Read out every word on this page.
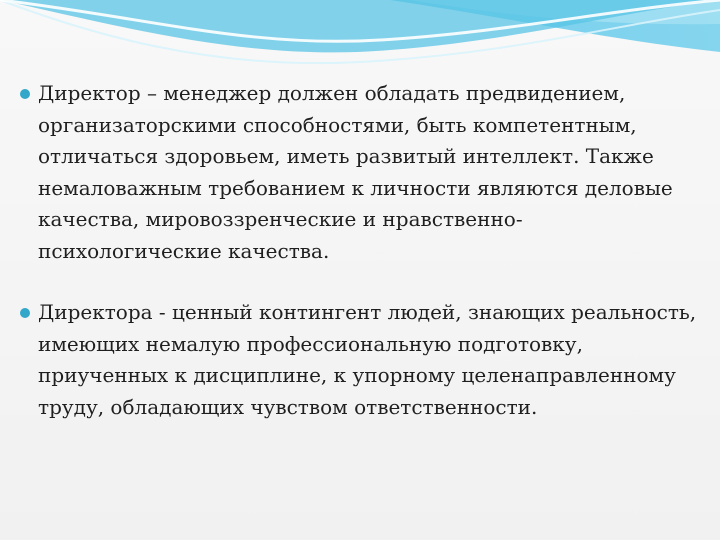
Директор – менеджер должен обладать предвидением, организаторскими способностями, быть компетентным, отличаться здоровьем, иметь развитый интеллект. Также немаловажным требованием к личности являются деловые качества, мировоззренческие и нравственно-психологические качества.
Директора - ценный контингент людей, знающих реальность, имеющих немалую профессиональную подготовку, приученных к дисциплине, к упорному целенаправленному труду, обладающих чувством ответственности.
